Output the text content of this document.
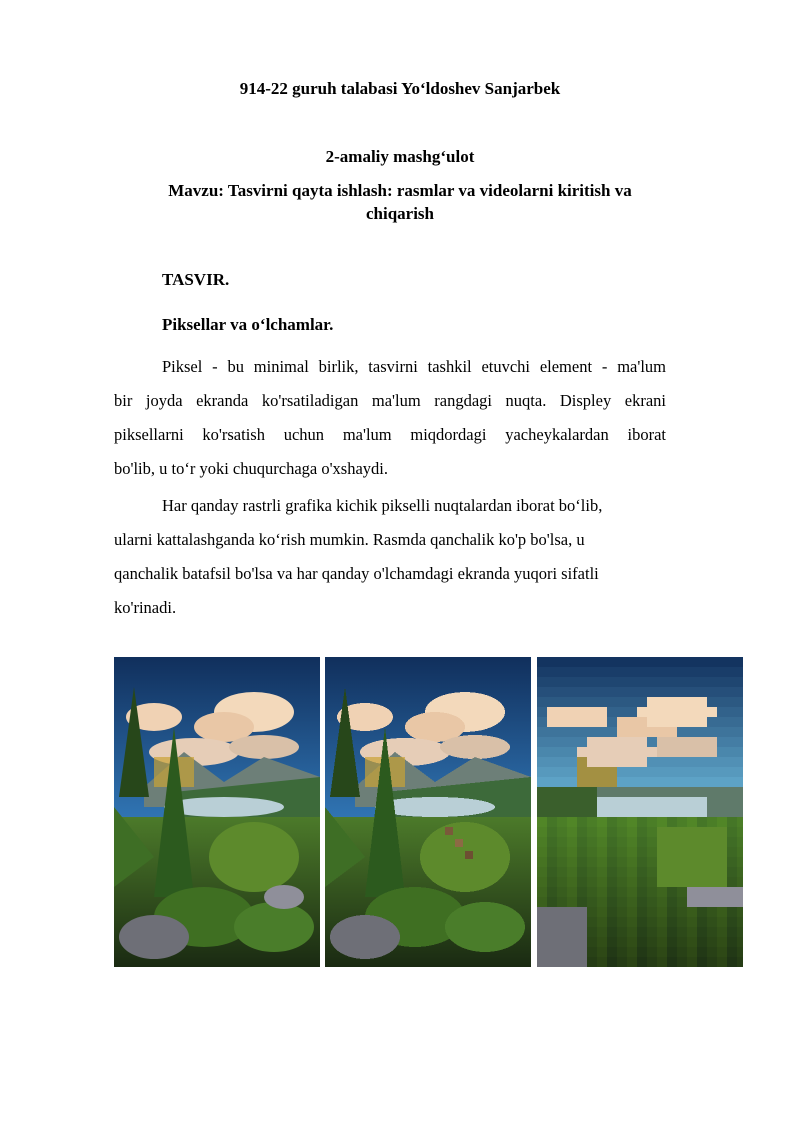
914-22 guruh talabasi Yo‘ldoshev Sanjarbek
2-amaliy mashg‘ulot
Mavzu: Tasvirni qayta ishlash: rasmlar va videolarni kiritish va
chiqarish
TASVIR.
Piksellar va o‘lchamlar.
Piksel - bu minimal birlik, tasvirni tashkil etuvchi element - ma'lum
bir joyda ekranda ko'rsatiladigan ma'lum rangdagi nuqta. Displey ekrani
piksellarni ko'rsatish uchun ma'lum miqdordagi yacheykalardan iborat
bo'lib, u to‘r yoki chuqurchaga o'xshaydi.
Har qanday rastrli grafika kichik pikselli nuqtalardan iborat bo‘lib,
ularni kattalashganda ko‘rish mumkin. Rasmda qanchalik ko'p bo'lsa, u
qanchalik batafsil bo'lsa va har qanday o'lchamdagi ekranda yuqori sifatli
ko'rinadi.
